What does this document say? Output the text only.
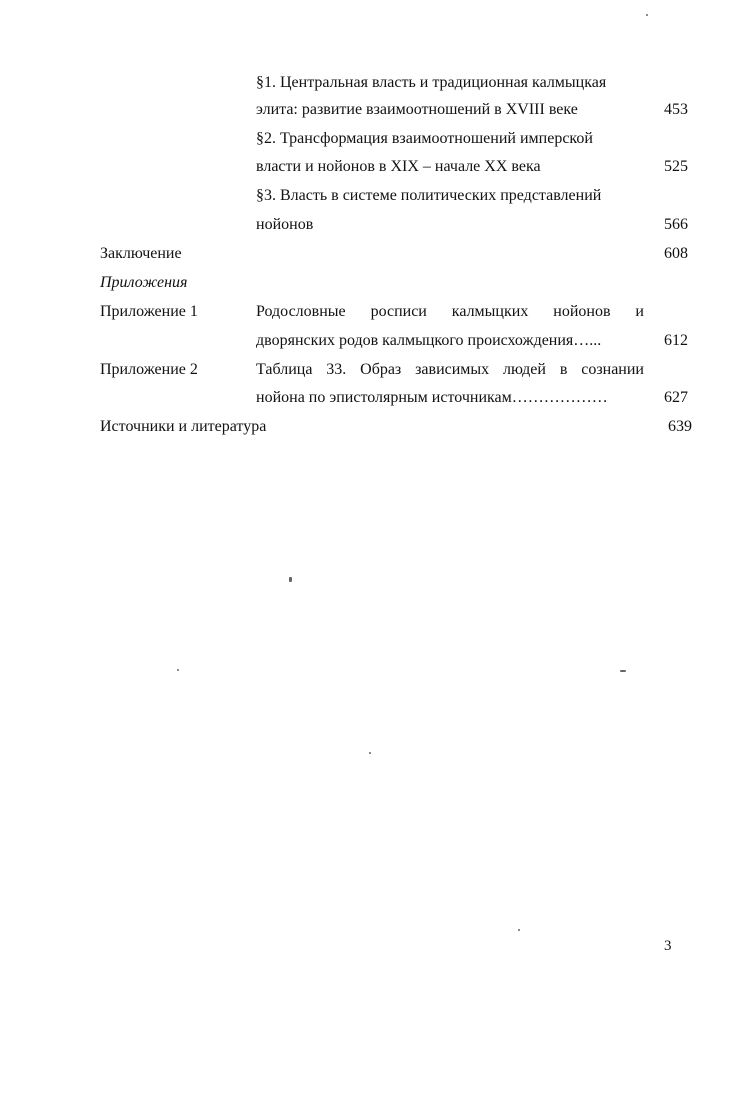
§1. Центральная власть и традиционная калмыцкая
элита: развитие взаимоотношений в XVIII веке	453
§2. Трансформация взаимоотношений имперской
власти и нойонов в XIX – начале XX века	525
§3. Власть в системе политических представлений
нойонов	566
Заключение	608
Приложения
Приложение 1	Родословные росписи калмыцких нойонов и
дворянских родов калмыцкого происхождения…...	612
Приложение 2	Таблица 33. Образ зависимых людей в сознании
нойона по эпистолярным источникам………………	627
Источники и литература	639
3
